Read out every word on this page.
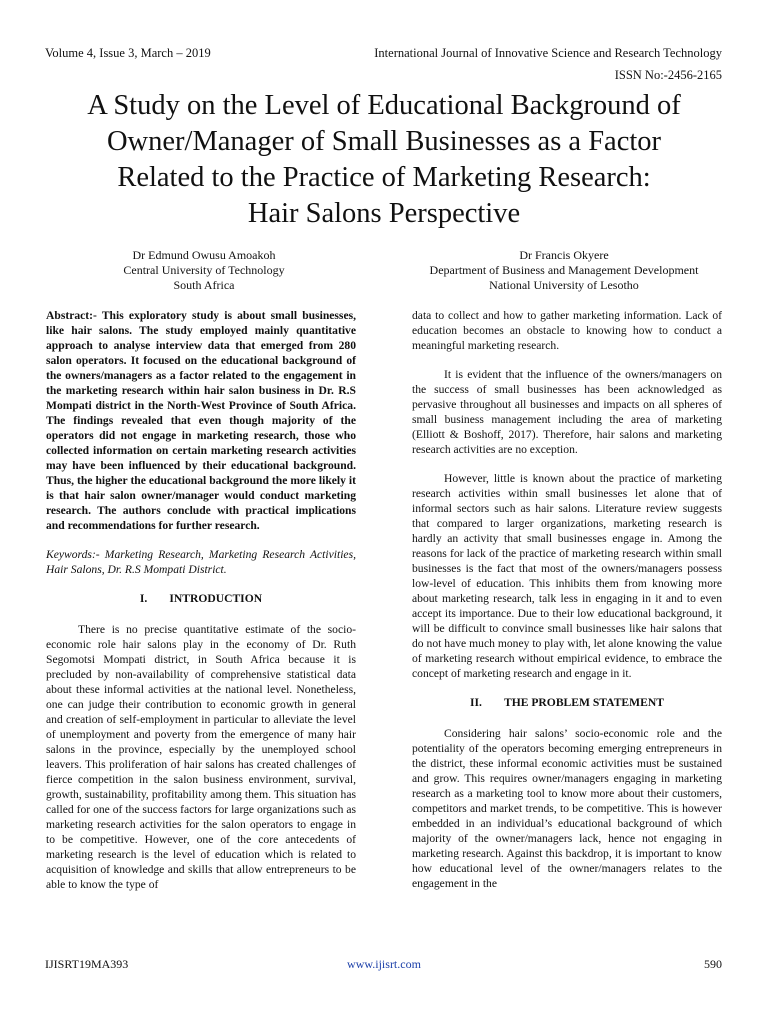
Volume 4, Issue 3, March – 2019	International Journal of Innovative Science and Research Technology
ISSN No:-2456-2165
A Study on the Level of Educational Background of
Owner/Manager of Small Businesses as a Factor
Related to the Practice of Marketing Research:
Hair Salons Perspective
Dr Edmund Owusu Amoakoh
Central University of Technology
South Africa
Dr Francis Okyere
Department of Business and Management Development
National University of Lesotho

Abstract:- This exploratory study is about small businesses, like hair salons. The study employed mainly quantitative approach to analyse interview data that emerged from 280 salon operators. It focused on the educational background of the owners/managers as a factor related to the engagement in the marketing research within hair salon business in Dr. R.S Mompati district in the North-West Province of South Africa. The findings revealed that even though majority of the operators did not engage in marketing research, those who collected information on certain marketing research activities may have been influenced by their educational background. Thus, the higher the educational background the more likely it is that hair salon owner/manager would conduct marketing research. The authors conclude with practical implications and recommendations for further research.

Keywords:- Marketing Research, Marketing Research Activities, Hair Salons, Dr. R.S Mompati District.

I. INTRODUCTION

There is no precise quantitative estimate of the socio-economic role hair salons play in the economy of Dr. Ruth Segomotsi Mompati district, in South Africa because it is precluded by non-availability of comprehensive statistical data about these informal activities at the national level. Nonetheless, one can judge their contribution to economic growth in general and creation of self-employment in particular to alleviate the level of unemployment and poverty from the emergence of many hair salons in the province, especially by the unemployed school leavers. This proliferation of hair salons has created challenges of fierce competition in the salon business environment, survival, growth, sustainability, profitability among them. This situation has called for one of the success factors for large organizations such as marketing research activities for the salon operators to engage in to be competitive. However, one of the core antecedents of marketing research is the level of education which is related to acquisition of knowledge and skills that allow entrepreneurs to be able to know the type of

data to collect and how to gather marketing information. Lack of education becomes an obstacle to knowing how to conduct a meaningful marketing research.

It is evident that the influence of the owners/managers on the success of small businesses has been acknowledged as pervasive throughout all businesses and impacts on all spheres of small business management including the area of marketing (Elliott & Boshoff, 2017). Therefore, hair salons and marketing research activities are no exception.

However, little is known about the practice of marketing research activities within small businesses let alone that of informal sectors such as hair salons. Literature review suggests that compared to larger organizations, marketing research is hardly an activity that small businesses engage in. Among the reasons for lack of the practice of marketing research within small businesses is the fact that most of the owners/managers possess low-level of education. This inhibits them from knowing more about marketing research, talk less in engaging in it and to even accept its importance. Due to their low educational background, it will be difficult to convince small businesses like hair salons that do not have much money to play with, let alone knowing the value of marketing research without empirical evidence, to embrace the concept of marketing research and engage in it.

II. THE PROBLEM STATEMENT

Considering hair salons’ socio-economic role and the potentiality of the operators becoming emerging entrepreneurs in the district, these informal economic activities must be sustained and grow. This requires owner/managers engaging in marketing research as a marketing tool to know more about their customers, competitors and market trends, to be competitive. This is however embedded in an individual’s educational background of which majority of the owner/managers lack, hence not engaging in marketing research. Against this backdrop, it is important to know how educational level of the owner/managers relates to the engagement in the

IJISRT19MA393	www.ijisrt.com	590
